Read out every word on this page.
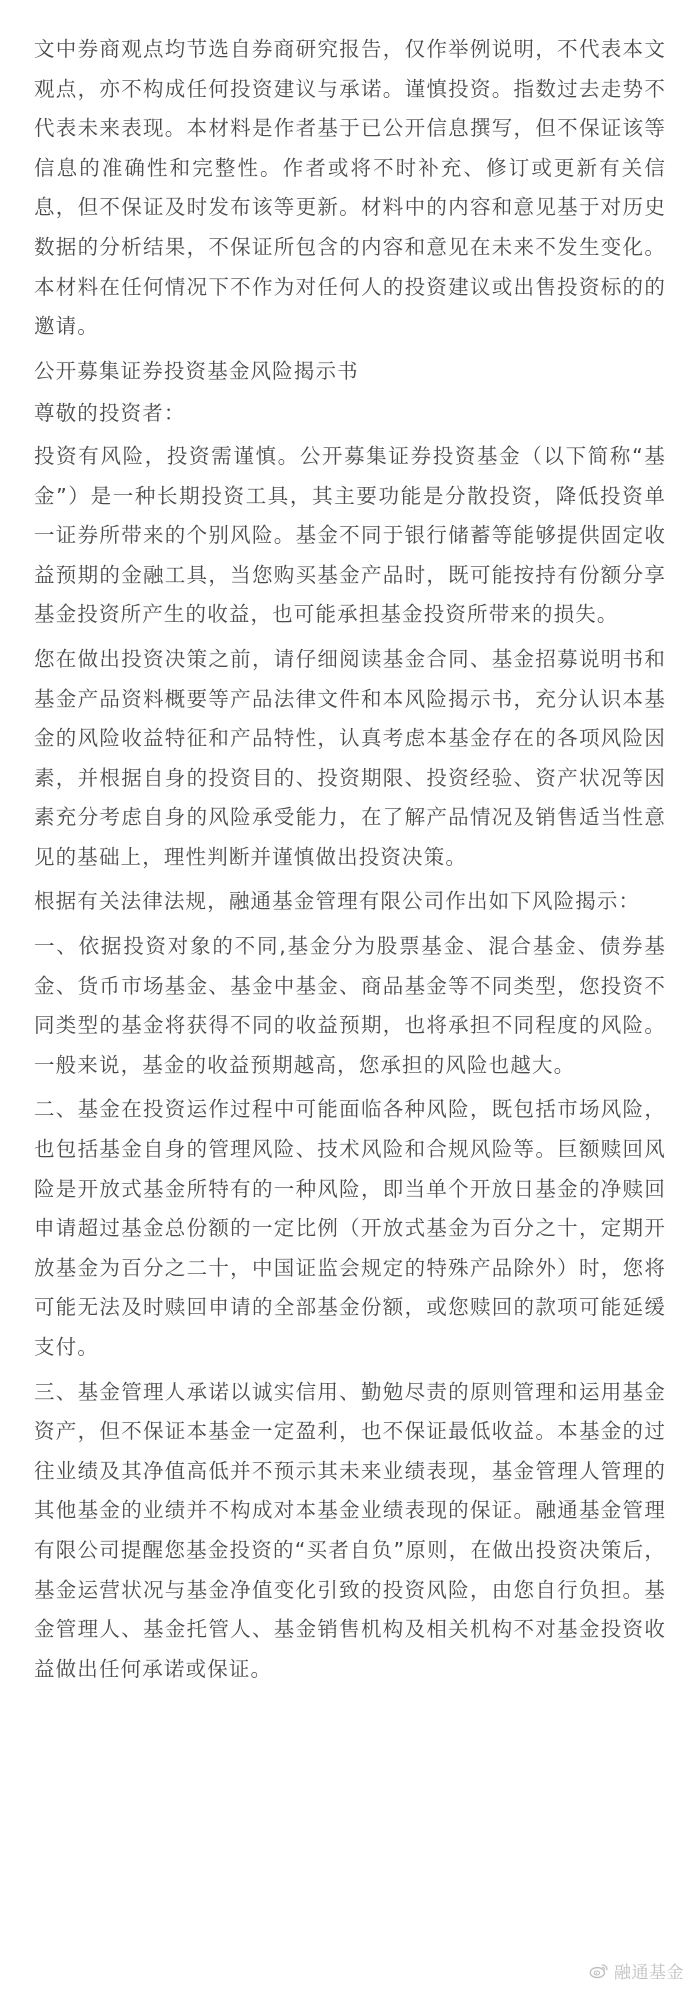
文中券商观点均节选自券商研究报告，仅作举例说明，不代表本文观点，亦不构成任何投资建议与承诺。谨慎投资。指数过去走势不代表未来表现。本材料是作者基于已公开信息撰写，但不保证该等信息的准确性和完整性。作者或将不时补充、修订或更新有关信息，但不保证及时发布该等更新。材料中的内容和意见基于对历史数据的分析结果，不保证所包含的内容和意见在未来不发生变化。本材料在任何情况下不作为对任何人的投资建议或出售投资标的的邀请。

公开募集证券投资基金风险揭示书

尊敬的投资者：

投资有风险，投资需谨慎。公开募集证券投资基金（以下简称“基金”）是一种长期投资工具，其主要功能是分散投资，降低投资单一证券所带来的个别风险。基金不同于银行储蓄等能够提供固定收益预期的金融工具，当您购买基金产品时，既可能按持有份额分享基金投资所产生的收益，也可能承担基金投资所带来的损失。

您在做出投资决策之前，请仔细阅读基金合同、基金招募说明书和基金产品资料概要等产品法律文件和本风险揭示书，充分认识本基金的风险收益特征和产品特性，认真考虑本基金存在的各项风险因素，并根据自身的投资目的、投资期限、投资经验、资产状况等因素充分考虑自身的风险承受能力，在了解产品情况及销售适当性意见的基础上，理性判断并谨慎做出投资决策。

根据有关法律法规，融通基金管理有限公司作出如下风险揭示：

一、依据投资对象的不同,基金分为股票基金、混合基金、债券基金、货币市场基金、基金中基金、商品基金等不同类型，您投资不同类型的基金将获得不同的收益预期，也将承担不同程度的风险。一般来说，基金的收益预期越高，您承担的风险也越大。

二、基金在投资运作过程中可能面临各种风险，既包括市场风险，也包括基金自身的管理风险、技术风险和合规风险等。巨额赎回风险是开放式基金所特有的一种风险，即当单个开放日基金的净赎回申请超过基金总份额的一定比例（开放式基金为百分之十，定期开放基金为百分之二十，中国证监会规定的特殊产品除外）时，您将可能无法及时赎回申请的全部基金份额，或您赎回的款项可能延缓支付。

三、基金管理人承诺以诚实信用、勤勉尽责的原则管理和运用基金资产，但不保证本基金一定盈利，也不保证最低收益。本基金的过往业绩及其净值高低并不预示其未来业绩表现，基金管理人管理的其他基金的业绩并不构成对本基金业绩表现的保证。融通基金管理有限公司提醒您基金投资的“买者自负”原则，在做出投资决策后，基金运营状况与基金净值变化引致的投资风险，由您自行负担。基金管理人、基金托管人、基金销售机构及相关机构不对基金投资收益做出任何承诺或保证。

融通基金
